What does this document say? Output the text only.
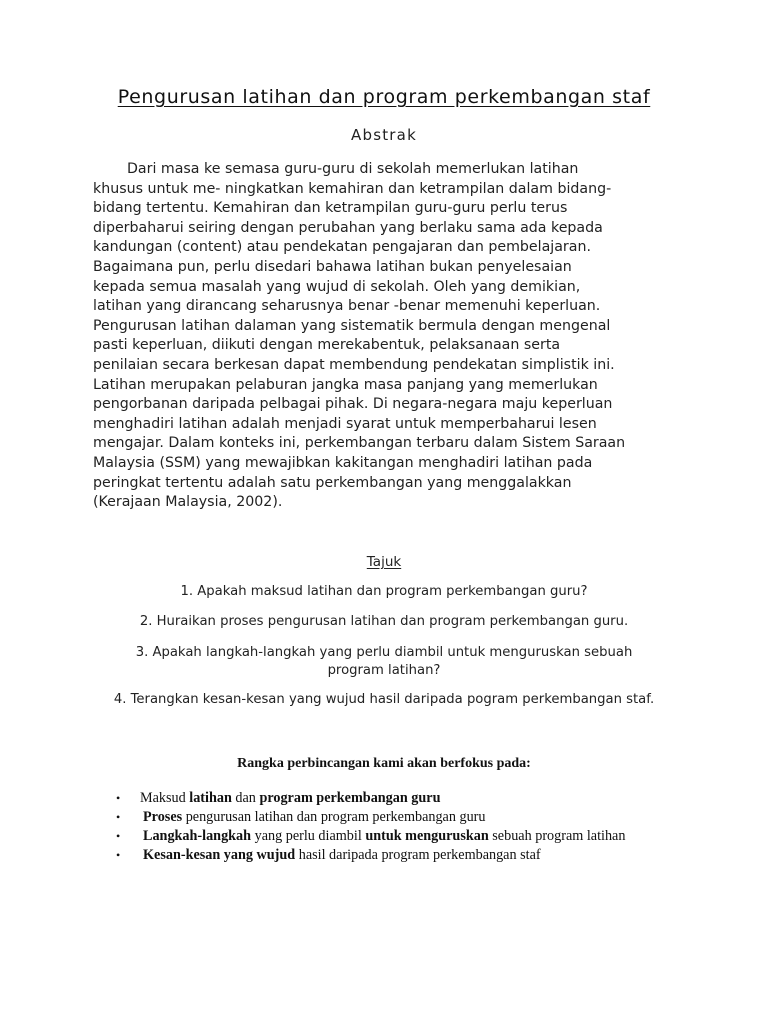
Pengurusan latihan dan program perkembangan staf
Abstrak
Dari masa ke semasa guru-guru di sekolah memerlukan latihan
khusus untuk me- ningkatkan kemahiran dan ketrampilan dalam bidang-
bidang tertentu. Kemahiran dan ketrampilan guru-guru perlu terus
diperbaharui seiring dengan perubahan yang berlaku sama ada kepada
kandungan (content) atau pendekatan pengajaran dan pembelajaran.
Bagaimana pun, perlu disedari bahawa latihan bukan penyelesaian
kepada semua masalah yang wujud di sekolah. Oleh yang demikian,
latihan yang dirancang seharusnya benar -benar memenuhi keperluan.
Pengurusan latihan dalaman yang sistematik bermula dengan mengenal
pasti keperluan, diikuti dengan merekabentuk, pelaksanaan serta
penilaian secara berkesan dapat membendung pendekatan simplistik ini.
Latihan merupakan pelaburan jangka masa panjang yang memerlukan
pengorbanan daripada pelbagai pihak. Di negara-negara maju keperluan
menghadiri latihan adalah menjadi syarat untuk memperbaharui lesen
mengajar. Dalam konteks ini, perkembangan terbaru dalam Sistem Saraan
Malaysia (SSM) yang mewajibkan kakitangan menghadiri latihan pada
peringkat tertentu adalah satu perkembangan yang menggalakkan
(Kerajaan Malaysia, 2002).
Tajuk
1. Apakah maksud latihan dan program perkembangan guru?
2. Huraikan proses pengurusan latihan dan program perkembangan guru.
3. Apakah langkah-langkah yang perlu diambil untuk menguruskan sebuah
program latihan?
4. Terangkan kesan-kesan yang wujud hasil daripada pogram perkembangan staf.
Rangka perbincangan kami akan berfokus pada:
•	Maksud latihan dan program perkembangan guru
•	Proses pengurusan latihan dan program perkembangan guru
•	Langkah-langkah yang perlu diambil untuk menguruskan sebuah program latihan
•	Kesan-kesan yang wujud hasil daripada program perkembangan staf
